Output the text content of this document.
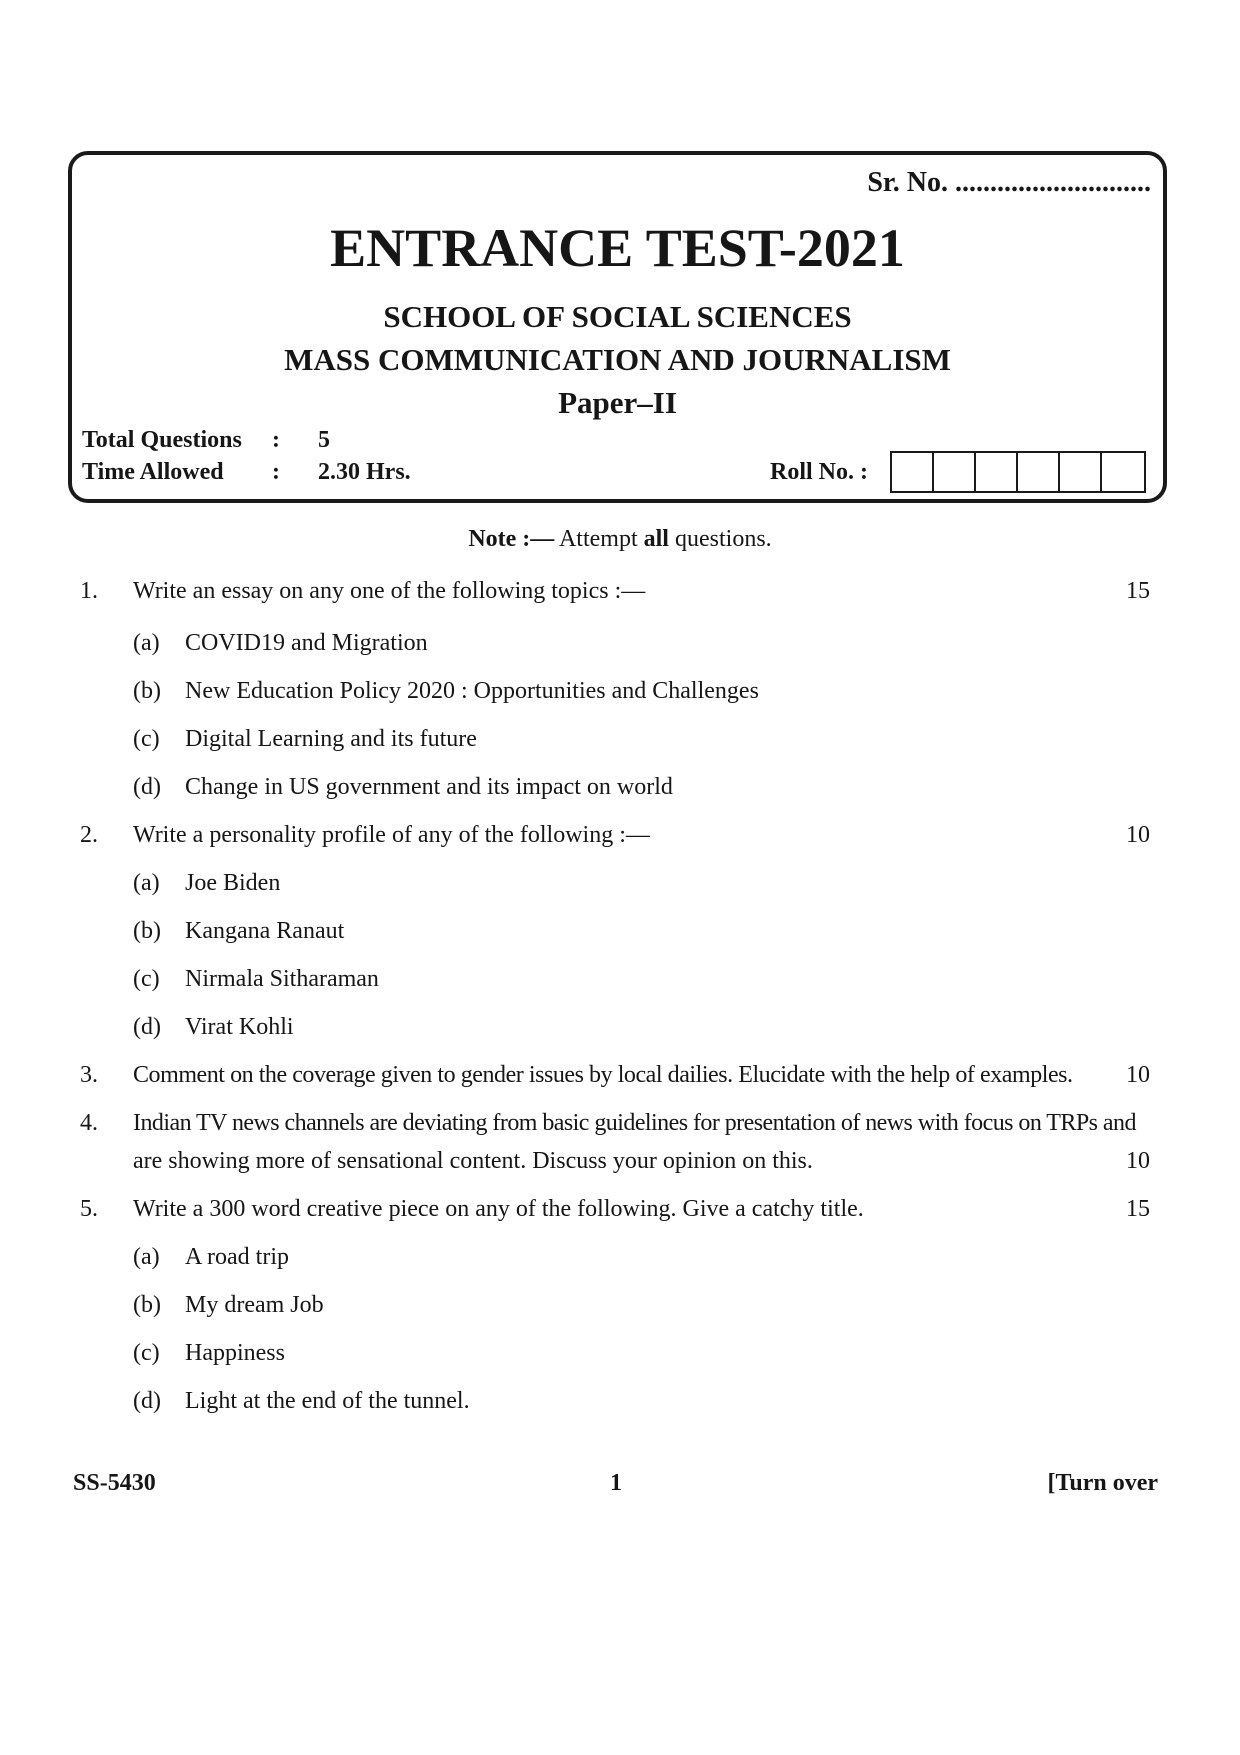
Sr. No. ............................
ENTRANCE TEST-2021
SCHOOL OF SOCIAL SCIENCES
MASS COMMUNICATION AND JOURNALISM
Paper–II
Total Questions : 5
Time Allowed : 2.30 Hrs.	Roll No. :
Note :— Attempt all questions.
1. Write an essay on any one of the following topics :—	15
(a) COVID19 and Migration
(b) New Education Policy 2020 : Opportunities and Challenges
(c) Digital Learning and its future
(d) Change in US government and its impact on world
2. Write a personality profile of any of the following :—	10
(a) Joe Biden
(b) Kangana Ranaut
(c) Nirmala Sitharaman
(d) Virat Kohli
3. Comment on the coverage given to gender issues by local dailies. Elucidate with the help of examples.	10
4. Indian TV news channels are deviating from basic guidelines for presentation of news with focus on TRPs and
are showing more of sensational content. Discuss your opinion on this.	10
5. Write a 300 word creative piece on any of the following. Give a catchy title.	15
(a) A road trip
(b) My dream Job
(c) Happiness
(d) Light at the end of the tunnel.
SS-5430	1	[Turn over
